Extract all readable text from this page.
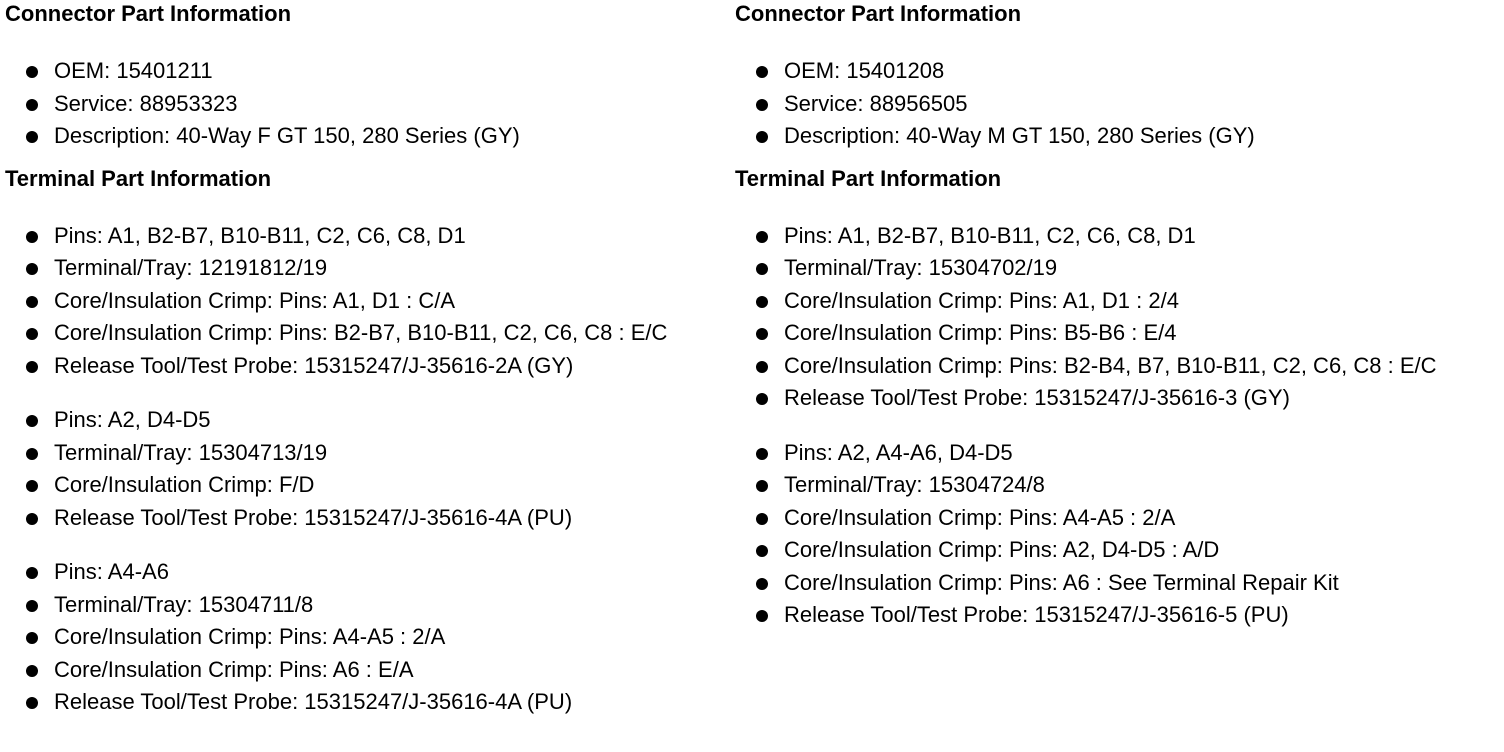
Connector Part Information
OEM: 15401211
Service: 88953323
Description: 40-Way F GT 150, 280 Series (GY)
Terminal Part Information
Pins: A1, B2-B7, B10-B11, C2, C6, C8, D1
Terminal/Tray: 12191812/19
Core/Insulation Crimp: Pins: A1, D1 : C/A
Core/Insulation Crimp: Pins: B2-B7, B10-B11, C2, C6, C8 : E/C
Release Tool/Test Probe: 15315247/J-35616-2A (GY)
Pins: A2, D4-D5
Terminal/Tray: 15304713/19
Core/Insulation Crimp: F/D
Release Tool/Test Probe: 15315247/J-35616-4A (PU)
Pins: A4-A6
Terminal/Tray: 15304711/8
Core/Insulation Crimp: Pins: A4-A5 : 2/A
Core/Insulation Crimp: Pins: A6 : E/A
Release Tool/Test Probe: 15315247/J-35616-4A (PU)
Connector Part Information
OEM: 15401208
Service: 88956505
Description: 40-Way M GT 150, 280 Series (GY)
Terminal Part Information
Pins: A1, B2-B7, B10-B11, C2, C6, C8, D1
Terminal/Tray: 15304702/19
Core/Insulation Crimp: Pins: A1, D1 : 2/4
Core/Insulation Crimp: Pins: B5-B6 : E/4
Core/Insulation Crimp: Pins: B2-B4, B7, B10-B11, C2, C6, C8 : E/C
Release Tool/Test Probe: 15315247/J-35616-3 (GY)
Pins: A2, A4-A6, D4-D5
Terminal/Tray: 15304724/8
Core/Insulation Crimp: Pins: A4-A5 : 2/A
Core/Insulation Crimp: Pins: A2, D4-D5 : A/D
Core/Insulation Crimp: Pins: A6 : See Terminal Repair Kit
Release Tool/Test Probe: 15315247/J-35616-5 (PU)
